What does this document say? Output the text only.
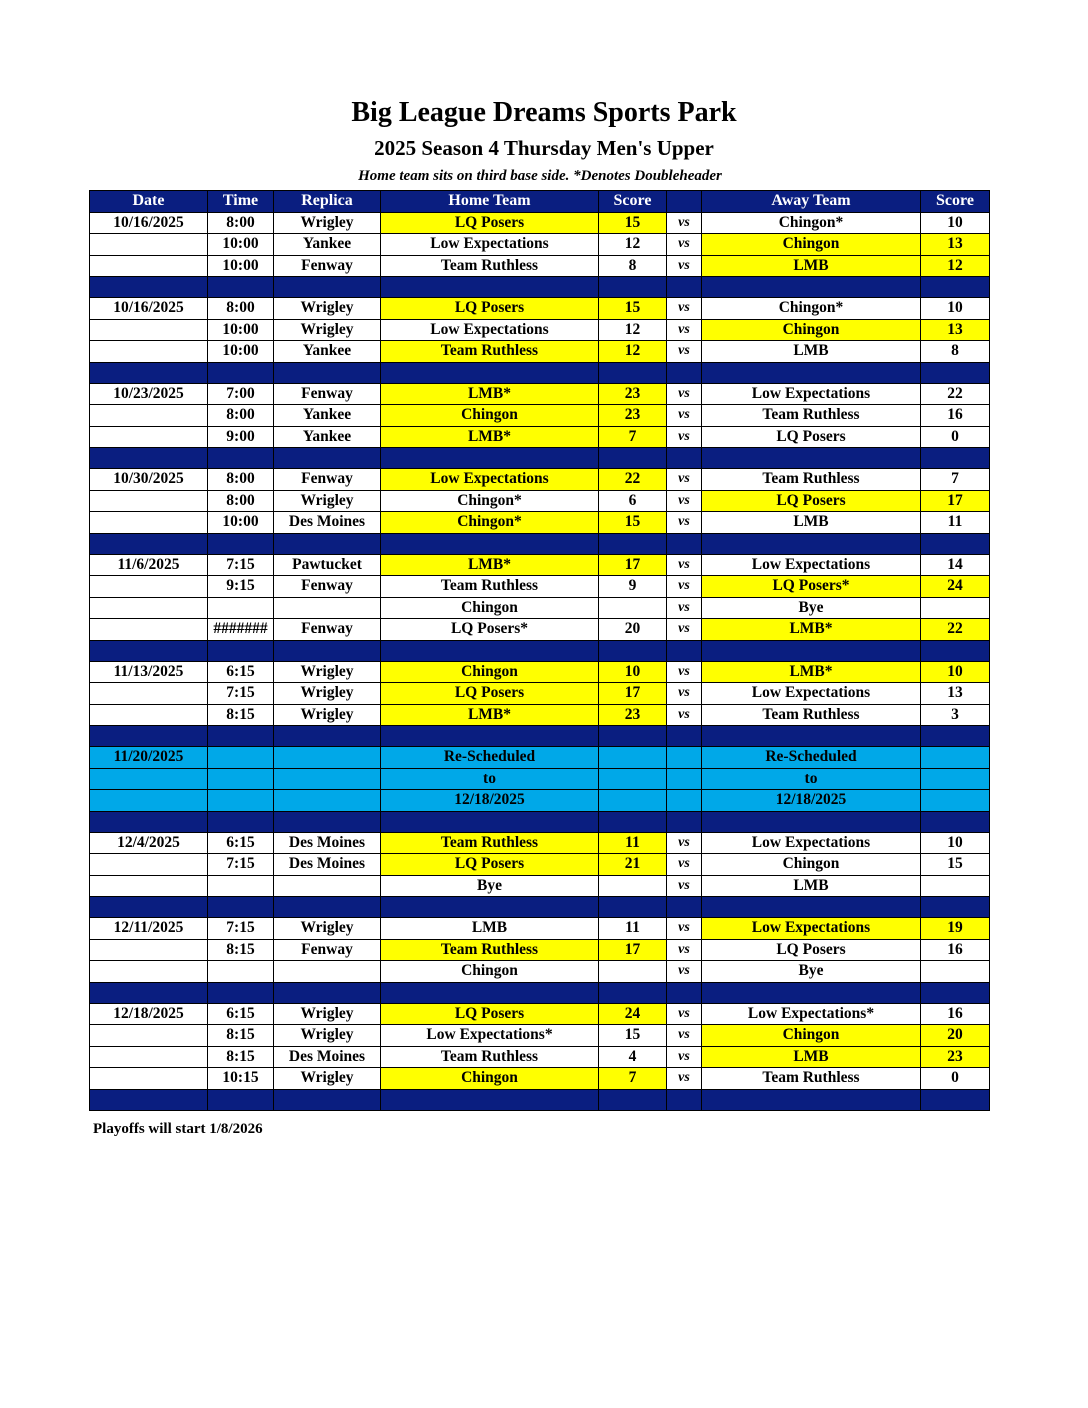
Big League Dreams Sports Park
2025 Season 4 Thursday Men's Upper
Home team sits on third base side. *Denotes Doubleheader
Date	Time	Replica	Home Team	Score		Away Team	Score
10/16/2025	8:00	Wrigley	LQ Posers	15	vs	Chingon*	10
	10:00	Yankee	Low Expectations	12	vs	Chingon	13
	10:00	Fenway	Team Ruthless	8	vs	LMB	12

10/16/2025	8:00	Wrigley	LQ Posers	15	vs	Chingon*	10
	10:00	Wrigley	Low Expectations	12	vs	Chingon	13
	10:00	Yankee	Team Ruthless	12	vs	LMB	8

10/23/2025	7:00	Fenway	LMB*	23	vs	Low Expectations	22
	8:00	Yankee	Chingon	23	vs	Team Ruthless	16
	9:00	Yankee	LMB*	7	vs	LQ Posers	0

10/30/2025	8:00	Fenway	Low Expectations	22	vs	Team Ruthless	7
	8:00	Wrigley	Chingon*	6	vs	LQ Posers	17
	10:00	Des Moines	Chingon*	15	vs	LMB	11

11/6/2025	7:15	Pawtucket	LMB*	17	vs	Low Expectations	14
	9:15	Fenway	Team Ruthless	9	vs	LQ Posers*	24
			Chingon		vs	Bye	
	#######	Fenway	LQ Posers*	20	vs	LMB*	22

11/13/2025	6:15	Wrigley	Chingon	10	vs	LMB*	10
	7:15	Wrigley	LQ Posers	17	vs	Low Expectations	13
	8:15	Wrigley	LMB*	23	vs	Team Ruthless	3

11/20/2025			Re-Scheduled			Re-Scheduled	
			to			to	
			12/18/2025			12/18/2025	

12/4/2025	6:15	Des Moines	Team Ruthless	11	vs	Low Expectations	10
	7:15	Des Moines	LQ Posers	21	vs	Chingon	15
			Bye		vs	LMB	

12/11/2025	7:15	Wrigley	LMB	11	vs	Low Expectations	19
	8:15	Fenway	Team Ruthless	17	vs	LQ Posers	16
			Chingon		vs	Bye	

12/18/2025	6:15	Wrigley	LQ Posers	24	vs	Low Expectations*	16
	8:15	Wrigley	Low Expectations*	15	vs	Chingon	20
	8:15	Des Moines	Team Ruthless	4	vs	LMB	23
	10:15	Wrigley	Chingon	7	vs	Team Ruthless	0

Playoffs will start 1/8/2026
